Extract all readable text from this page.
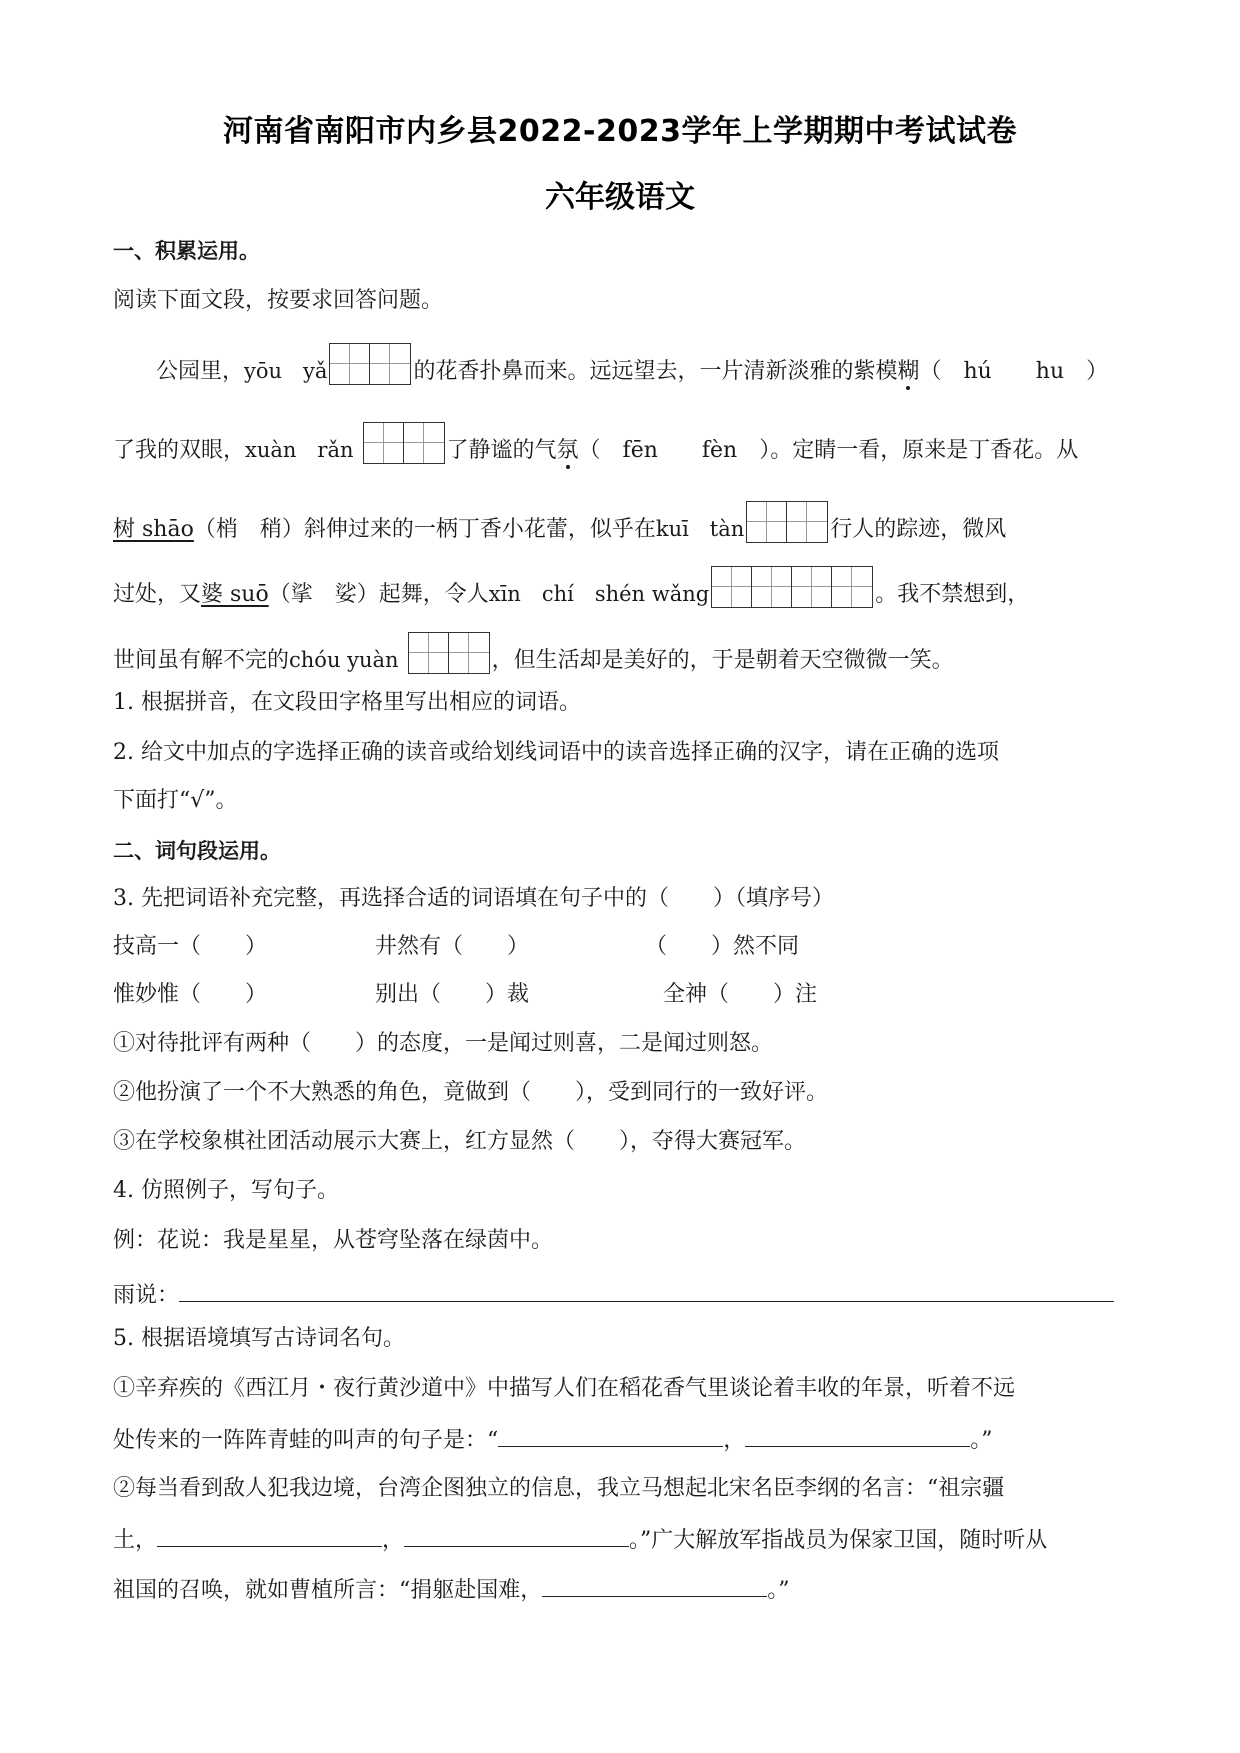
河南省南阳市内乡县2022-2023学年上学期期中考试试卷
六年级语文
一、积累运用。
阅读下面文段，按要求回答问题。
公园里，yōu　yǎ	的花香扑鼻而来。远远望去，一片清新淡雅的紫模糊（　hú　　hu　）
了我的双眼，xuàn　rǎn	了静谧的气氛（　fēn　　fèn　）。定睛一看，原来是丁香花。从
树 shāo（梢　稍）斜伸过来的一柄丁香小花蕾，似乎在kuī　tàn	行人的踪迹，微风
过处，又婆 suō（挲　娑）起舞，令人xīn　chí　shén wǎng	。我不禁想到，
世间虽有解不完的chóu yuàn	，但生活却是美好的，于是朝着天空微微一笑。
1. 根据拼音，在文段田字格里写出相应的词语。
2. 给文中加点的字选择正确的读音或给划线词语中的读音选择正确的汉字，请在正确的选项
下面打“√”。
二、词句段运用。
3. 先把词语补充完整，再选择合适的词语填在句子中的（　　）（填序号）
技高一（　　）	井然有（　　）	（　　）然不同
惟妙惟（　　）	别出（　　）裁	全神（　　）注
①对待批评有两种（　　）的态度，一是闻过则喜，二是闻过则怒。
②他扮演了一个不大熟悉的角色，竟做到（　　），受到同行的一致好评。
③在学校象棋社团活动展示大赛上，红方显然（　　），夺得大赛冠军。
4. 仿照例子，写句子。
例：花说：我是星星，从苍穹坠落在绿茵中。
雨说：
5. 根据语境填写古诗词名句。
①辛弃疾的《西江月・夜行黄沙道中》中描写人们在稻花香气里谈论着丰收的年景，听着不远
处传来的一阵阵青蛙的叫声的句子是：“	，	。”
②每当看到敌人犯我边境，台湾企图独立的信息，我立马想起北宋名臣李纲的名言：“祖宗疆
土，	，	。”广大解放军指战员为保家卫国，随时听从
祖国的召唤，就如曹植所言：“捐躯赴国难，	。”
